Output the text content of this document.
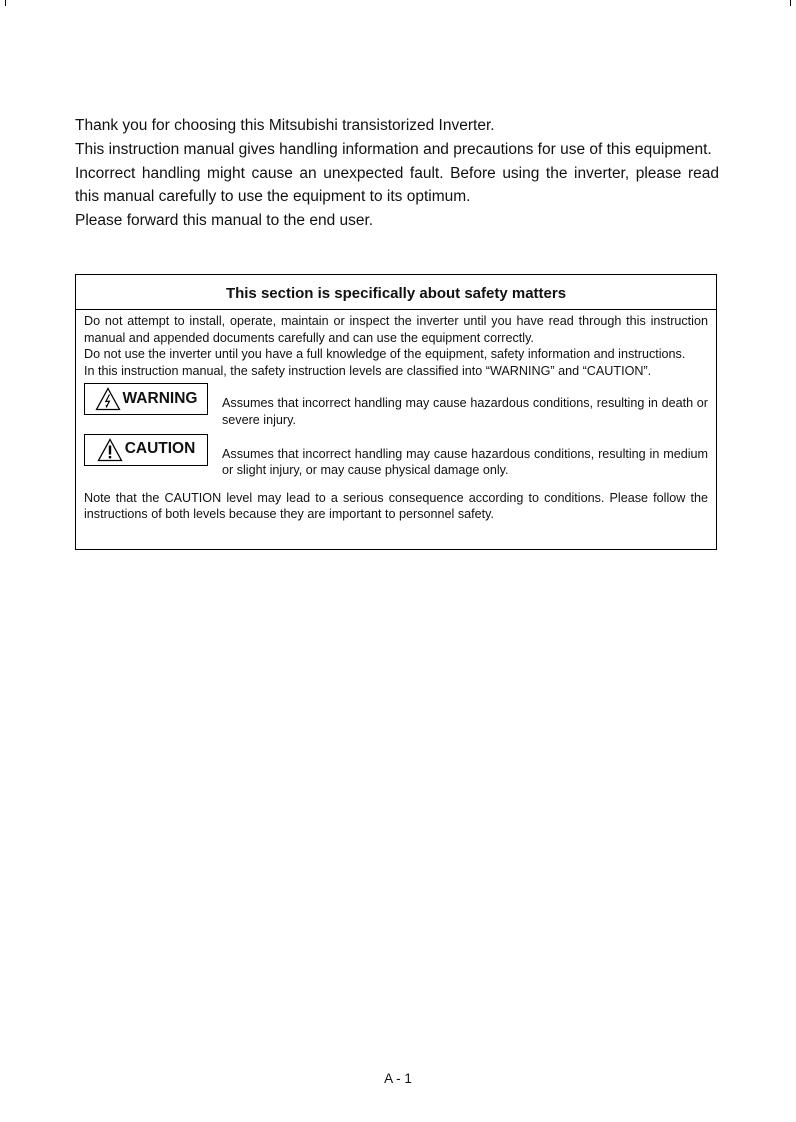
Thank you for choosing this Mitsubishi transistorized Inverter.

This instruction manual gives handling information and precautions for use of this equipment.

Incorrect handling might cause an unexpected fault. Before using the inverter, please read this manual carefully to use the equipment to its optimum.

Please forward this manual to the end user.

This section is specifically about safety matters

Do not attempt to install, operate, maintain or inspect the inverter until you have read through this instruction manual and appended documents carefully and can use the equipment correctly.

Do not use the inverter until you have a full knowledge of the equipment, safety information and instructions.

In this instruction manual, the safety instruction levels are classified into “WARNING” and “CAUTION”.

WARNING Assumes that incorrect handling may cause hazardous conditions, resulting in death or severe injury.
CAUTION Assumes that incorrect handling may cause hazardous conditions, resulting in medium or slight injury, or may cause physical damage only.

Note that the CAUTION level may lead to a serious consequence according to conditions. Please follow the instructions of both levels because they are important to personnel safety.

A - 1
